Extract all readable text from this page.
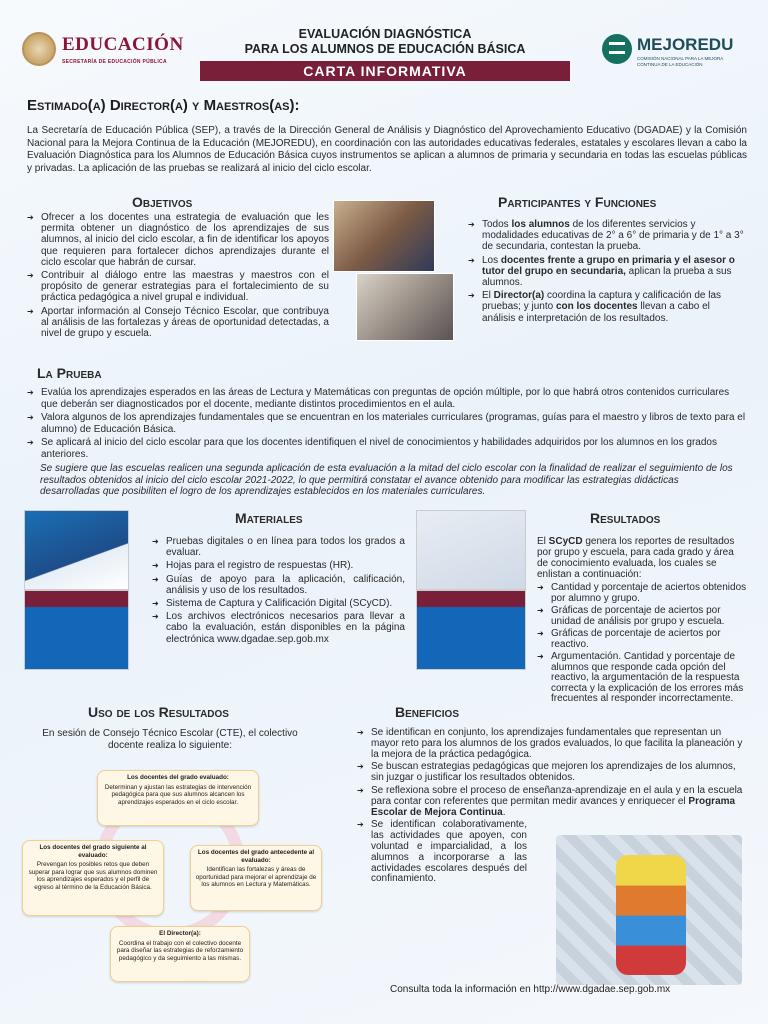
EDUCACIÓN
SECRETARÍA DE EDUCACIÓN PÚBLICA
EVALUACIÓN DIAGNÓSTICA
PARA LOS ALUMNOS DE EDUCACIÓN BÁSICA
CARTA INFORMATIVA
MEJOREDU
COMISIÓN NACIONAL PARA LA MEJORA CONTINUA DE LA EDUCACIÓN
Estimado(a) Director(a) y Maestros(as):

La Secretaría de Educación Pública (SEP), a través de la Dirección General de Análisis y Diagnóstico del Aprovechamiento Educativo (DGADAE) y la Comisión Nacional para la Mejora Continua de la Educación (MEJOREDU), en coordinación con las autoridades educativas federales, estatales y escolares llevan a cabo la Evaluación Diagnóstica para los Alumnos de Educación Básica cuyos instrumentos se aplican a alumnos de primaria y secundaria en todas las escuelas públicas y privadas. La aplicación de las pruebas se realizará al inicio del ciclo escolar.

Objetivos
➔ Ofrecer a los docentes una estrategia de evaluación que les permita obtener un diagnóstico de los aprendizajes de sus alumnos, al inicio del ciclo escolar, a fin de identificar los apoyos que requieren para fortalecer dichos aprendizajes durante el ciclo escolar que habrán de cursar.
➔ Contribuir al diálogo entre las maestras y maestros con el propósito de generar estrategias para el fortalecimiento de su práctica pedagógica a nivel grupal e individual.
➔ Aportar información al Consejo Técnico Escolar, que contribuya al análisis de las fortalezas y áreas de oportunidad detectadas, a nivel de grupo y escuela.
Participantes y Funciones
➔ Todos los alumnos de los diferentes servicios y modalidades educativas de 2° a 6° de primaria y de 1° a 3° de secundaria, contestan la prueba.
➔ Los docentes frente a grupo en primaria y el asesor o tutor del grupo en secundaria, aplican la prueba a sus alumnos.
➔ El Director(a) coordina la captura y calificación de las pruebas; y junto con los docentes llevan a cabo el análisis e interpretación de los resultados.
La Prueba
➔ Evalúa los aprendizajes esperados en las áreas de Lectura y Matemáticas con preguntas de opción múltiple, por lo que habrá otros contenidos curriculares que deberán ser diagnosticados por el docente, mediante distintos procedimientos en el aula.
➔ Valora algunos de los aprendizajes fundamentales que se encuentran en los materiales curriculares (programas, guías para el maestro y libros de texto para el alumno) de Educación Básica.
➔ Se aplicará al inicio del ciclo escolar para que los docentes identifiquen el nivel de conocimientos y habilidades adquiridos por los alumnos en los grados anteriores.

Se sugiere que las escuelas realicen una segunda aplicación de esta evaluación a la mitad del ciclo escolar con la finalidad de realizar el seguimiento de los resultados obtenidos al inicio del ciclo escolar 2021-2022, lo que permitirá constatar el avance obtenido para modificar las estrategias didácticas desarrolladas que posibiliten el logro de los aprendizajes establecidos en los materiales curriculares.

Materiales
➜ Pruebas digitales o en línea para todos los grados a evaluar.
➜ Hojas para el registro de respuestas (HR).
➜ Guías de apoyo para la aplicación, calificación, análisis y uso de los resultados.
➜ Sistema de Captura y Calificación Digital (SCyCD).
➜ Los archivos electrónicos necesarios para llevar a cabo la evaluación, están disponibles en la página electrónica www.dgadae.sep.gob.mx
Resultados

El SCyCD genera los reportes de resultados por grupo y escuela, para cada grado y área de conocimiento evaluada, los cuales se enlistan a continuación:

➜ Cantidad y porcentaje de aciertos obtenidos por alumno y grupo.
➜ Gráficas de porcentaje de aciertos por unidad de análisis por grupo y escuela.
➜ Gráficas de porcentaje de aciertos por reactivo.
➜ Argumentación. Cantidad y porcentaje de alumnos que responde cada opción del reactivo, la argumentación de la respuesta correcta y la explicación de los errores más frecuentes al responder incorrectamente.
Uso de los Resultados

En sesión de Consejo Técnico Escolar (CTE), el colectivo docente realiza lo siguiente:

Los docentes del grado evaluado:
Determinan y ajustan las estrategias de intervención pedagógica para que sus alumnos alcancen los aprendizajes esperados en el ciclo escolar.
Los docentes del grado siguiente al evaluado:
Prevengan los posibles retos que deben superar para lograr que sus alumnos dominen los aprendizajes esperados y el perfil de egreso al término de la Educación Básica.
Los docentes del grado antecedente al evaluado:
Identifican las fortalezas y áreas de oportunidad para mejorar el aprendizaje de los alumnos en Lectura y Matemáticas.
El Director(a):
Coordina el trabajo con el colectivo docente para diseñar las estrategias de reforzamiento pedagógico y da seguimiento a las mismas.
Beneficios
➔ Se identifican en conjunto, los aprendizajes fundamentales que representan un mayor reto para los alumnos de los grados evaluados, lo que facilita la planeación y la mejora de la práctica pedagógica.
➔ Se buscan estrategias pedagógicas que mejoren los aprendizajes de los alumnos, sin juzgar o justificar los resultados obtenidos.
➔ Se reflexiona sobre el proceso de enseñanza-aprendizaje en el aula y en la escuela para contar con referentes que permitan medir avances y enriquecer el Programa Escolar de Mejora Continua.
➔ Se identifican colaborativamente, las actividades que apoyen, con voluntad e imparcialidad, a los alumnos a incorporarse a las actividades escolares después del confinamiento.
Consulta toda la información en http://www.dgadae.sep.gob.mx
